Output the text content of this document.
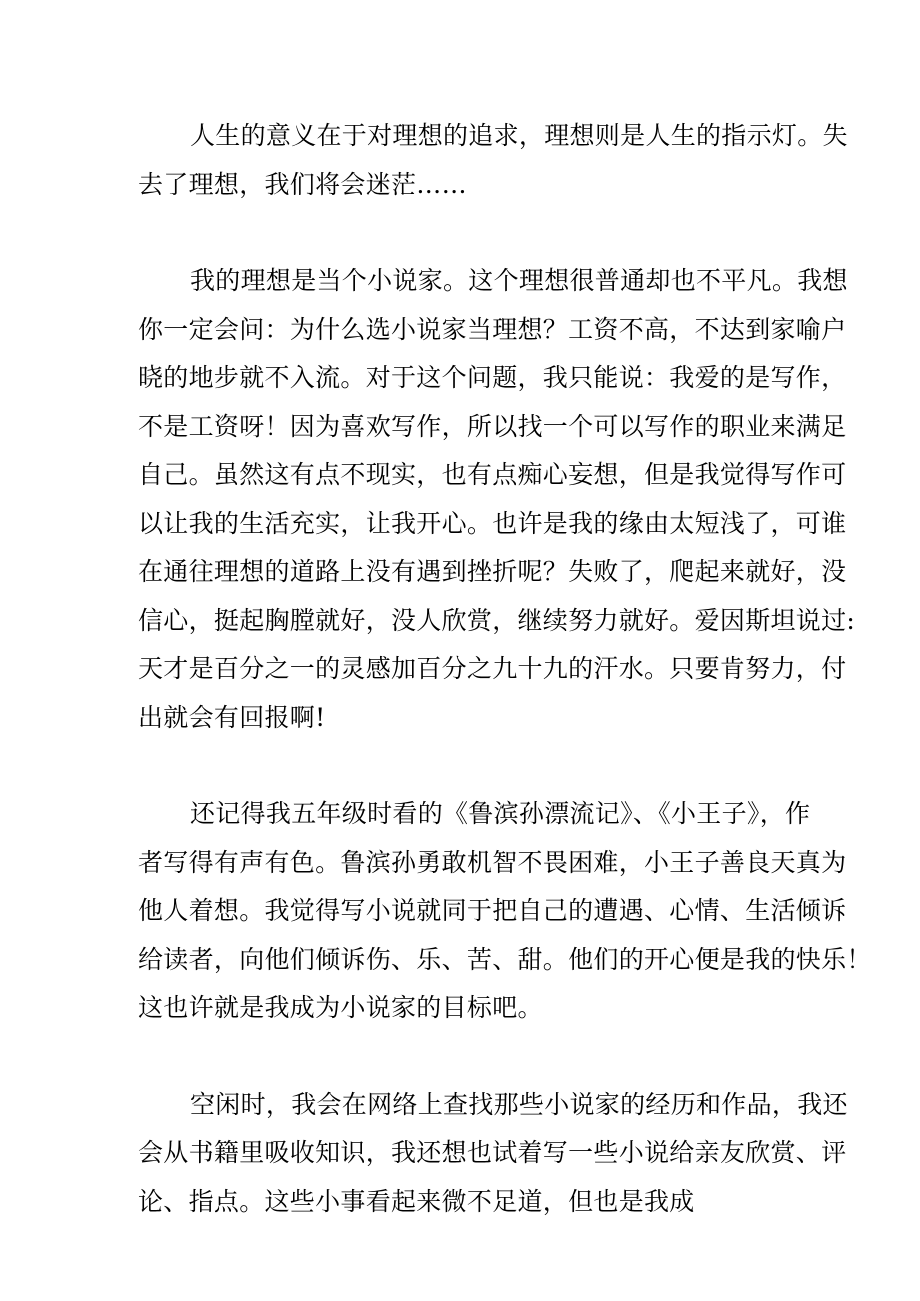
人生的意义在于对理想的追求，理想则是人生的指示灯。失
去了理想，我们将会迷茫……
我的理想是当个小说家。这个理想很普通却也不平凡。我想
你一定会问：为什么选小说家当理想？工资不高，不达到家喻户
晓的地步就不入流。对于这个问题，我只能说：我爱的是写作，
不是工资呀！因为喜欢写作，所以找一个可以写作的职业来满足
自己。虽然这有点不现实，也有点痴心妄想，但是我觉得写作可
以让我的生活充实，让我开心。也许是我的缘由太短浅了，可谁
在通往理想的道路上没有遇到挫折呢？失败了，爬起来就好，没
信心，挺起胸膛就好，没人欣赏，继续努力就好。爱因斯坦说过:
天才是百分之一的灵感加百分之九十九的汗水。只要肯努力，付
出就会有回报啊!
还记得我五年级时看的《鲁滨孙漂流记》、《小王子》，作
者写得有声有色。鲁滨孙勇敢机智不畏困难，小王子善良天真为
他人着想。我觉得写小说就同于把自己的遭遇、心情、生活倾诉
给读者，向他们倾诉伤、乐、苦、甜。他们的开心便是我的快乐！
这也许就是我成为小说家的目标吧。
空闲时，我会在网络上查找那些小说家的经历和作品，我还
会从书籍里吸收知识，我还想也试着写一些小说给亲友欣赏、评
论、指点。这些小事看起来微不足道，但也是我成
